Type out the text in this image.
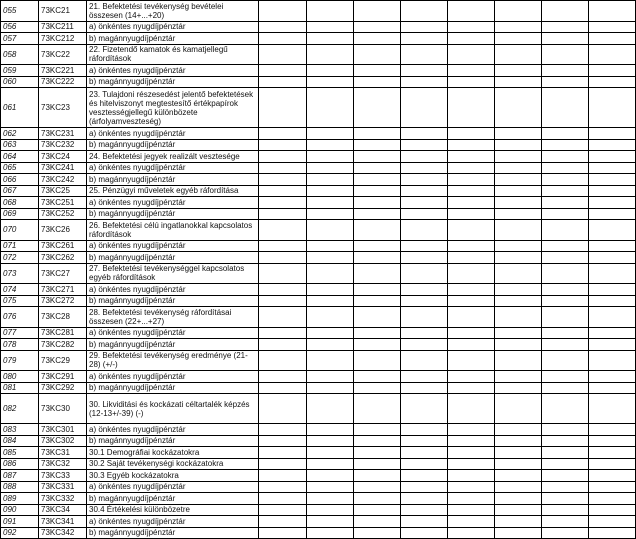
055	73KC21	21. Befektetési tevékenység bevételei összesen (14+...+20)									
056	73KC211	a) önkéntes nyugdíjpénztár									
057	73KC212	b) magánnyugdíjpénztár									
058	73KC22	22. Fizetendő kamatok és kamatjellegű ráfordítások									
059	73KC221	a) önkéntes nyugdíjpénztár									
060	73KC222	b) magánnyugdíjpénztár									
061	73KC23	23. Tulajdoni részesedést jelentő befektetések és hitelviszonyt megtestesítő értékpapírok vesztességjellegű különbözete (árfolyamveszteség)									
062	73KC231	a) önkéntes nyugdíjpénztár									
063	73KC232	b) magánnyugdíjpénztár									
064	73KC24	24. Befektetési jegyek realizált vesztesége									
065	73KC241	a) önkéntes nyugdíjpénztár									
066	73KC242	b) magánnyugdíjpénztár									
067	73KC25	25. Pénzügyi műveletek egyéb ráfordítása									
068	73KC251	a) önkéntes nyugdíjpénztár									
069	73KC252	b) magánnyugdíjpénztár									
070	73KC26	26. Befektetési célú ingatlanokkal kapcsolatos ráfordítások									
071	73KC261	a) önkéntes nyugdíjpénztár									
072	73KC262	b) magánnyugdíjpénztár									
073	73KC27	27. Befektetési tevékenységgel kapcsolatos egyéb ráfordítások									
074	73KC271	a) önkéntes nyugdíjpénztár									
075	73KC272	b) magánnyugdíjpénztár									
076	73KC28	28. Befektetési tevékenység ráfordításai összesen (22+...+27)									
077	73KC281	a) önkéntes nyugdíjpénztár									
078	73KC282	b) magánnyugdíjpénztár									
079	73KC29	29. Befektetési tevékenység eredménye (21-28) (+/-)									
080	73KC291	a) önkéntes nyugdíjpénztár									
081	73KC292	b) magánnyugdíjpénztár									
082	73KC30	30. Likviditási és kockázati céltartalék képzés (12-13+/-39) (-)									
083	73KC301	a) önkéntes nyugdíjpénztár									
084	73KC302	b) magánnyugdíjpénztár									
085	73KC31	30.1 Demográfiai kockázatokra									
086	73KC32	30.2 Saját tevékenységi kockázatokra									
087	73KC33	30.3 Egyéb kockázatokra									
088	73KC331	a) önkéntes nyugdíjpénztár									
089	73KC332	b) magánnyugdíjpénztár									
090	73KC34	30.4 Értékelési különbözetre									
091	73KC341	a) önkéntes nyugdíjpénztár									
092	73KC342	b) magánnyugdíjpénztár									
